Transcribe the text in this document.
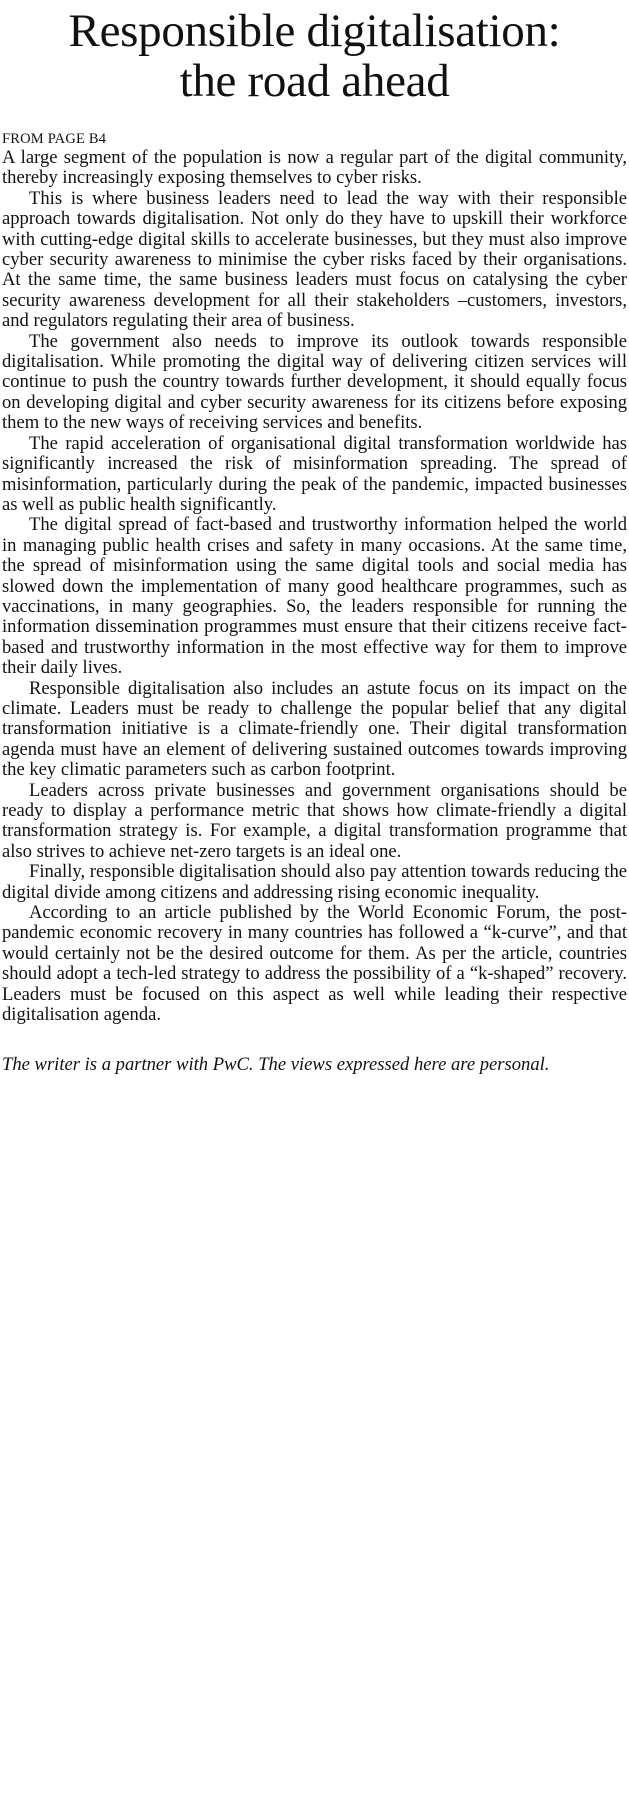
Responsible digitalisation:
the road ahead
FROM PAGE B4

A large segment of the population is now a regular part of the digital community, thereby increasingly exposing themselves to cyber risks.

This is where business leaders need to lead the way with their responsible approach towards digitalisation. Not only do they have to upskill their workforce with cutting-edge digital skills to accelerate businesses, but they must also improve cyber security awareness to minimise the cyber risks faced by their organisations. At the same time, the same business leaders must focus on catalysing the cyber security awareness development for all their stakeholders –customers, investors, and regulators regulating their area of business.

The government also needs to improve its outlook towards responsible digitalisation. While promoting the digital way of delivering citizen services will continue to push the country towards further development, it should equally focus on developing digital and cyber security awareness for its citizens before exposing them to the new ways of receiving services and benefits.

The rapid acceleration of organisational digital transformation worldwide has significantly increased the risk of misinformation spreading. The spread of misinformation, particularly during the peak of the pandemic, impacted businesses as well as public health significantly.

The digital spread of fact-based and trustworthy information helped the world in managing public health crises and safety in many occasions. At the same time, the spread of misinformation using the same digital tools and social media has slowed down the implementation of many good healthcare programmes, such as vaccinations, in many geographies. So, the leaders responsible for running the information dissemination programmes must ensure that their citizens receive fact-based and trustworthy information in the most effective way for them to improve their daily lives.

Responsible digitalisation also includes an astute focus on its impact on the climate. Leaders must be ready to challenge the popular belief that any digital transformation initiative is a climate-friendly one. Their digital transformation agenda must have an element of delivering sustained outcomes towards improving the key climatic parameters such as carbon footprint.

Leaders across private businesses and government organisations should be ready to display a performance metric that shows how climate-friendly a digital transformation strategy is. For example, a digital transformation programme that also strives to achieve net-zero targets is an ideal one.

Finally, responsible digitalisation should also pay attention towards reducing the digital divide among citizens and addressing rising economic inequality.

According to an article published by the World Economic Forum, the post-pandemic economic recovery in many countries has followed a “k-curve”, and that would certainly not be the desired outcome for them. As per the article, countries should adopt a tech-led strategy to address the possibility of a “k-shaped” recovery. Leaders must be focused on this aspect as well while leading their respective digitalisation agenda.

The writer is a partner with PwC. The views expressed here are personal.
